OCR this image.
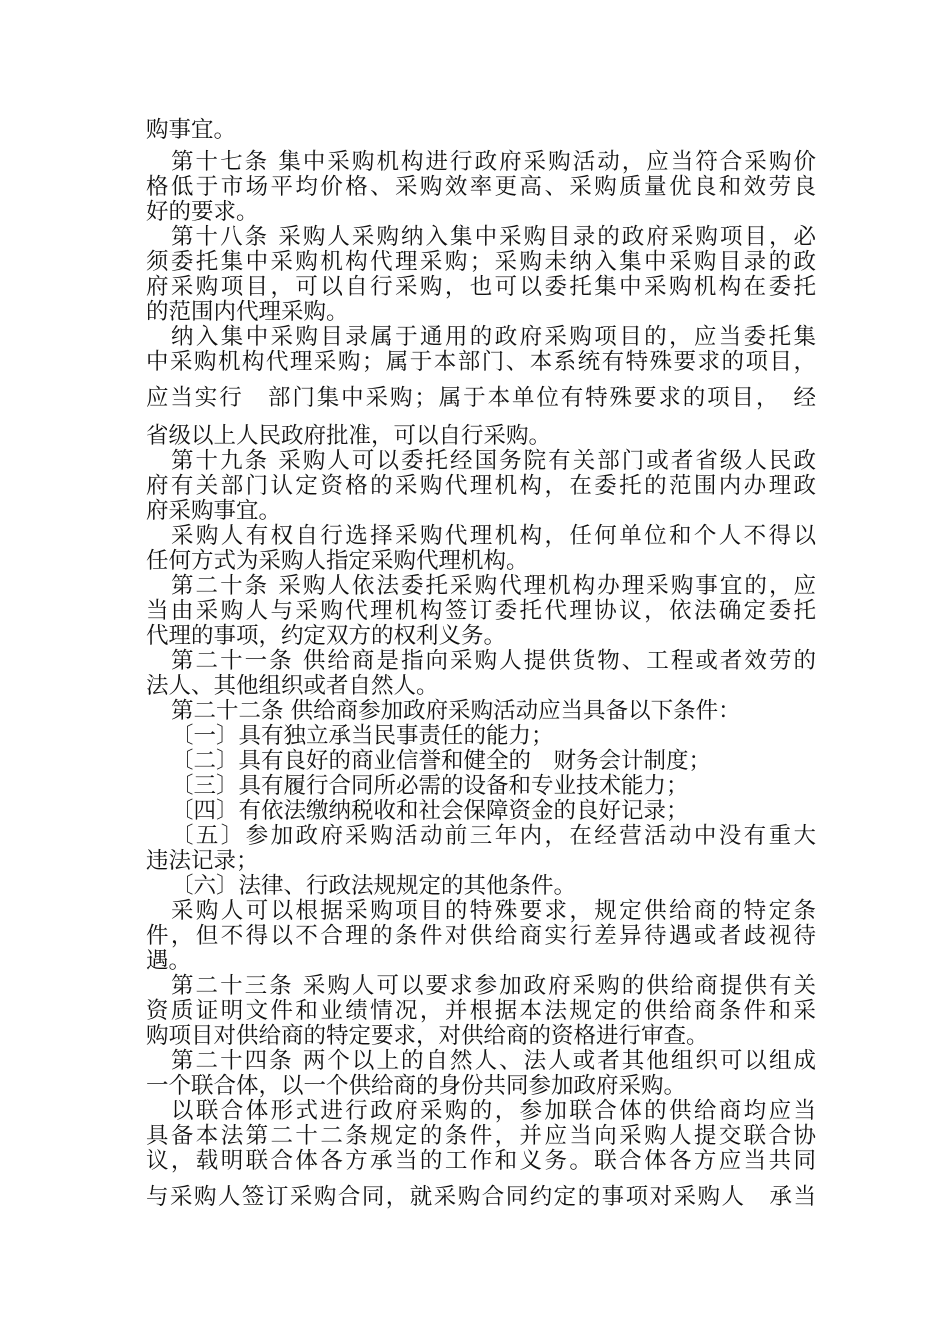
购事宜。
第十七条 集中采购机构进行政府采购活动，应当符合采购价
格低于市场平均价格、采购效率更高、采购质量优良和效劳良
好的要求。
第十八条 采购人采购纳入集中采购目录的政府采购项目，必
须委托集中采购机构代理采购；采购未纳入集中采购目录的政
府采购项目，可以自行采购，也可以委托集中采购机构在委托
的范围内代理采购。
纳入集中采购目录属于通用的政府采购项目的，应当委托集
中采购机构代理采购；属于本部门、本系统有特殊要求的项目，
应当实行　部门集中采购；属于本单位有特殊要求的项目，　经
省级以上人民政府批准，可以自行采购。
第十九条 采购人可以委托经国务院有关部门或者省级人民政
府有关部门认定资格的采购代理机构，在委托的范围内办理政
府采购事宜。
采购人有权自行选择采购代理机构，任何单位和个人不得以
任何方式为采购人指定采购代理机构。
第二十条 采购人依法委托采购代理机构办理采购事宜的，应
当由采购人与采购代理机构签订委托代理协议，依法确定委托
代理的事项，约定双方的权利义务。
第二十一条 供给商是指向采购人提供货物、工程或者效劳的
法人、其他组织或者自然人。
第二十二条 供给商参加政府采购活动应当具备以下条件：
〔一〕具有独立承当民事责任的能力；
〔二〕具有良好的商业信誉和健全的　财务会计制度；
〔三〕具有履行合同所必需的设备和专业技术能力；
〔四〕有依法缴纳税收和社会保障资金的良好记录；
〔五〕参加政府采购活动前三年内，在经营活动中没有重大
违法记录；
〔六〕法律、行政法规规定的其他条件。
采购人可以根据采购项目的特殊要求，规定供给商的特定条
件，但不得以不合理的条件对供给商实行差异待遇或者歧视待
遇。
第二十三条 采购人可以要求参加政府采购的供给商提供有关
资质证明文件和业绩情况，并根据本法规定的供给商条件和采
购项目对供给商的特定要求，对供给商的资格进行审查。
第二十四条 两个以上的自然人、法人或者其他组织可以组成
一个联合体，以一个供给商的身份共同参加政府采购。
以联合体形式进行政府采购的，参加联合体的供给商均应当
具备本法第二十二条规定的条件，并应当向采购人提交联合协
议，载明联合体各方承当的工作和义务。联合体各方应当共同
与采购人签订采购合同，就采购合同约定的事项对采购人　承当
